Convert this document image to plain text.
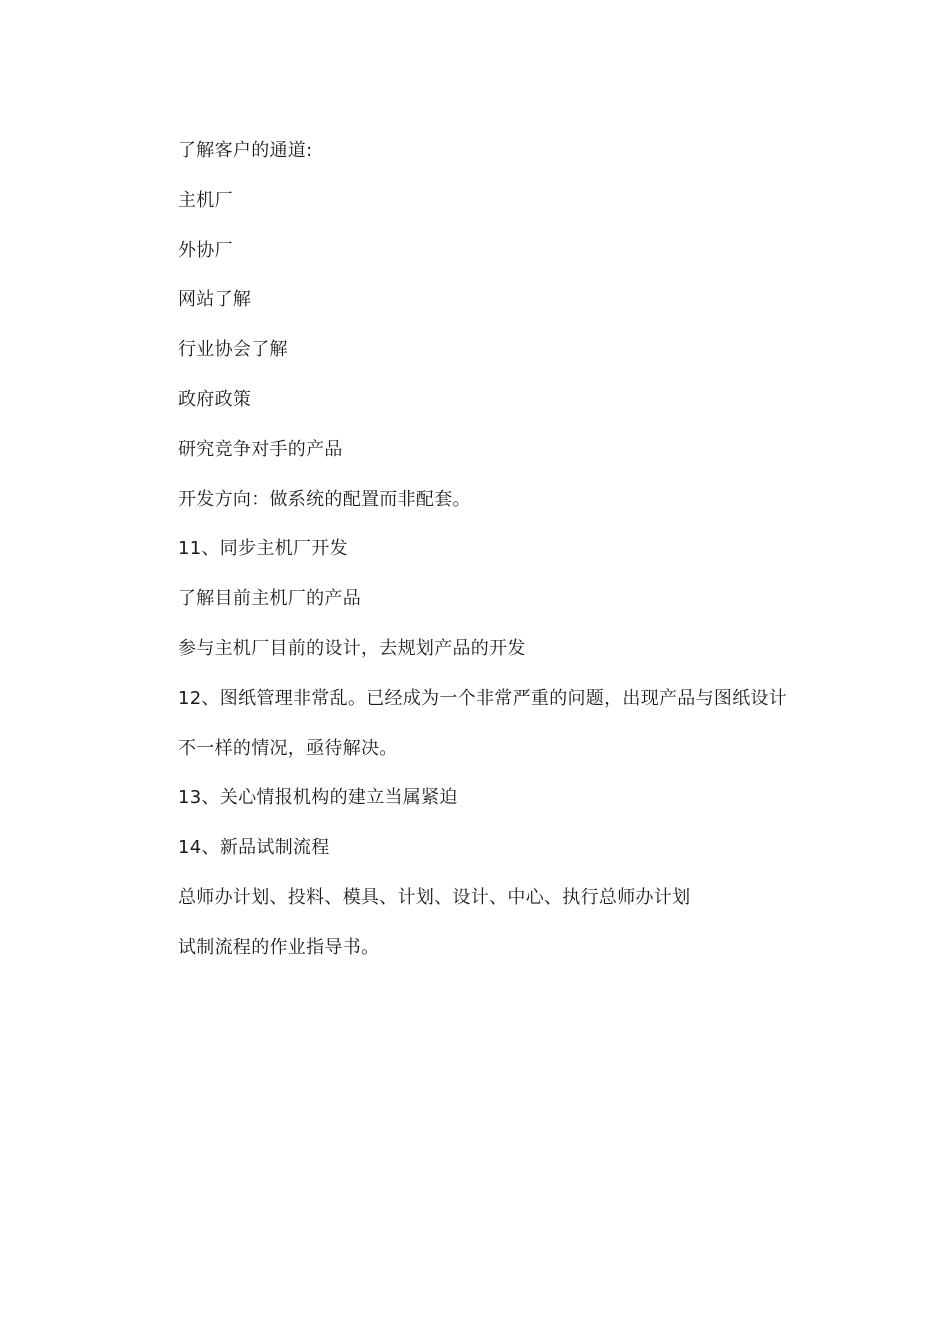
了解客户的通道:
主机厂
外协厂
网站了解
行业协会了解
政府政策
研究竞争对手的产品
开发方向：做系统的配置而非配套。
11、同步主机厂开发
了解目前主机厂的产品
参与主机厂目前的设计，去规划产品的开发
12、图纸管理非常乱。已经成为一个非常严重的问题，出现产品与图纸设计
不一样的情况，亟待解决。
13、关心情报机构的建立当属紧迫
14、新品试制流程
总师办计划、投料、模具、计划、设计、中心、执行总师办计划
试制流程的作业指导书。
